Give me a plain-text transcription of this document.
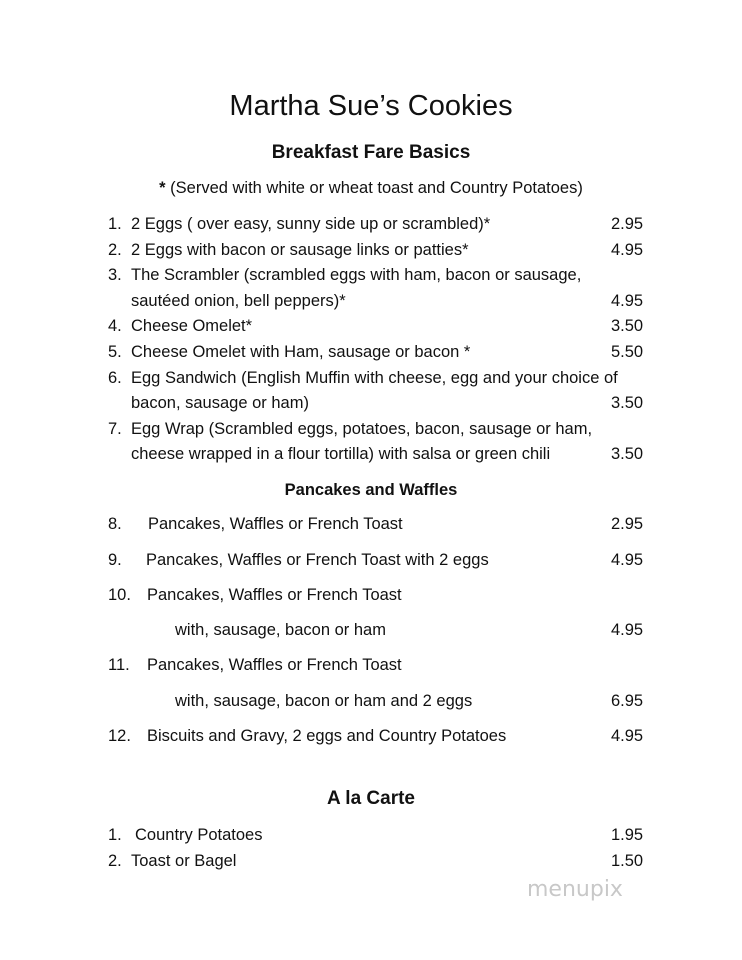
Martha Sue’s Cookies
Breakfast Fare Basics
* (Served with white or wheat toast and Country Potatoes)
1. 2 Eggs ( over easy, sunny side up or scrambled)*	2.95
2. 2 Eggs with bacon or sausage links or patties*	4.95
3. The Scrambler (scrambled eggs with ham, bacon or sausage,
sautéed onion, bell peppers)*	4.95
4. Cheese Omelet*	3.50
5. Cheese Omelet with Ham, sausage or bacon *	5.50
6. Egg Sandwich (English Muffin with cheese, egg and your choice of
bacon, sausage or ham)	3.50
7. Egg Wrap (Scrambled eggs, potatoes, bacon, sausage or ham,
cheese wrapped in a flour tortilla) with salsa or green chili	3.50
Pancakes and Waffles
8. Pancakes, Waffles or French Toast	2.95
9. Pancakes, Waffles or French Toast with 2 eggs	4.95
10. Pancakes, Waffles or French Toast
with, sausage, bacon or ham	4.95
11. Pancakes, Waffles or French Toast
with, sausage, bacon or ham and 2 eggs	6.95
12. Biscuits and Gravy, 2 eggs and Country Potatoes	4.95
A la Carte
1. Country Potatoes	1.95
2. Toast or Bagel	1.50
menupix
